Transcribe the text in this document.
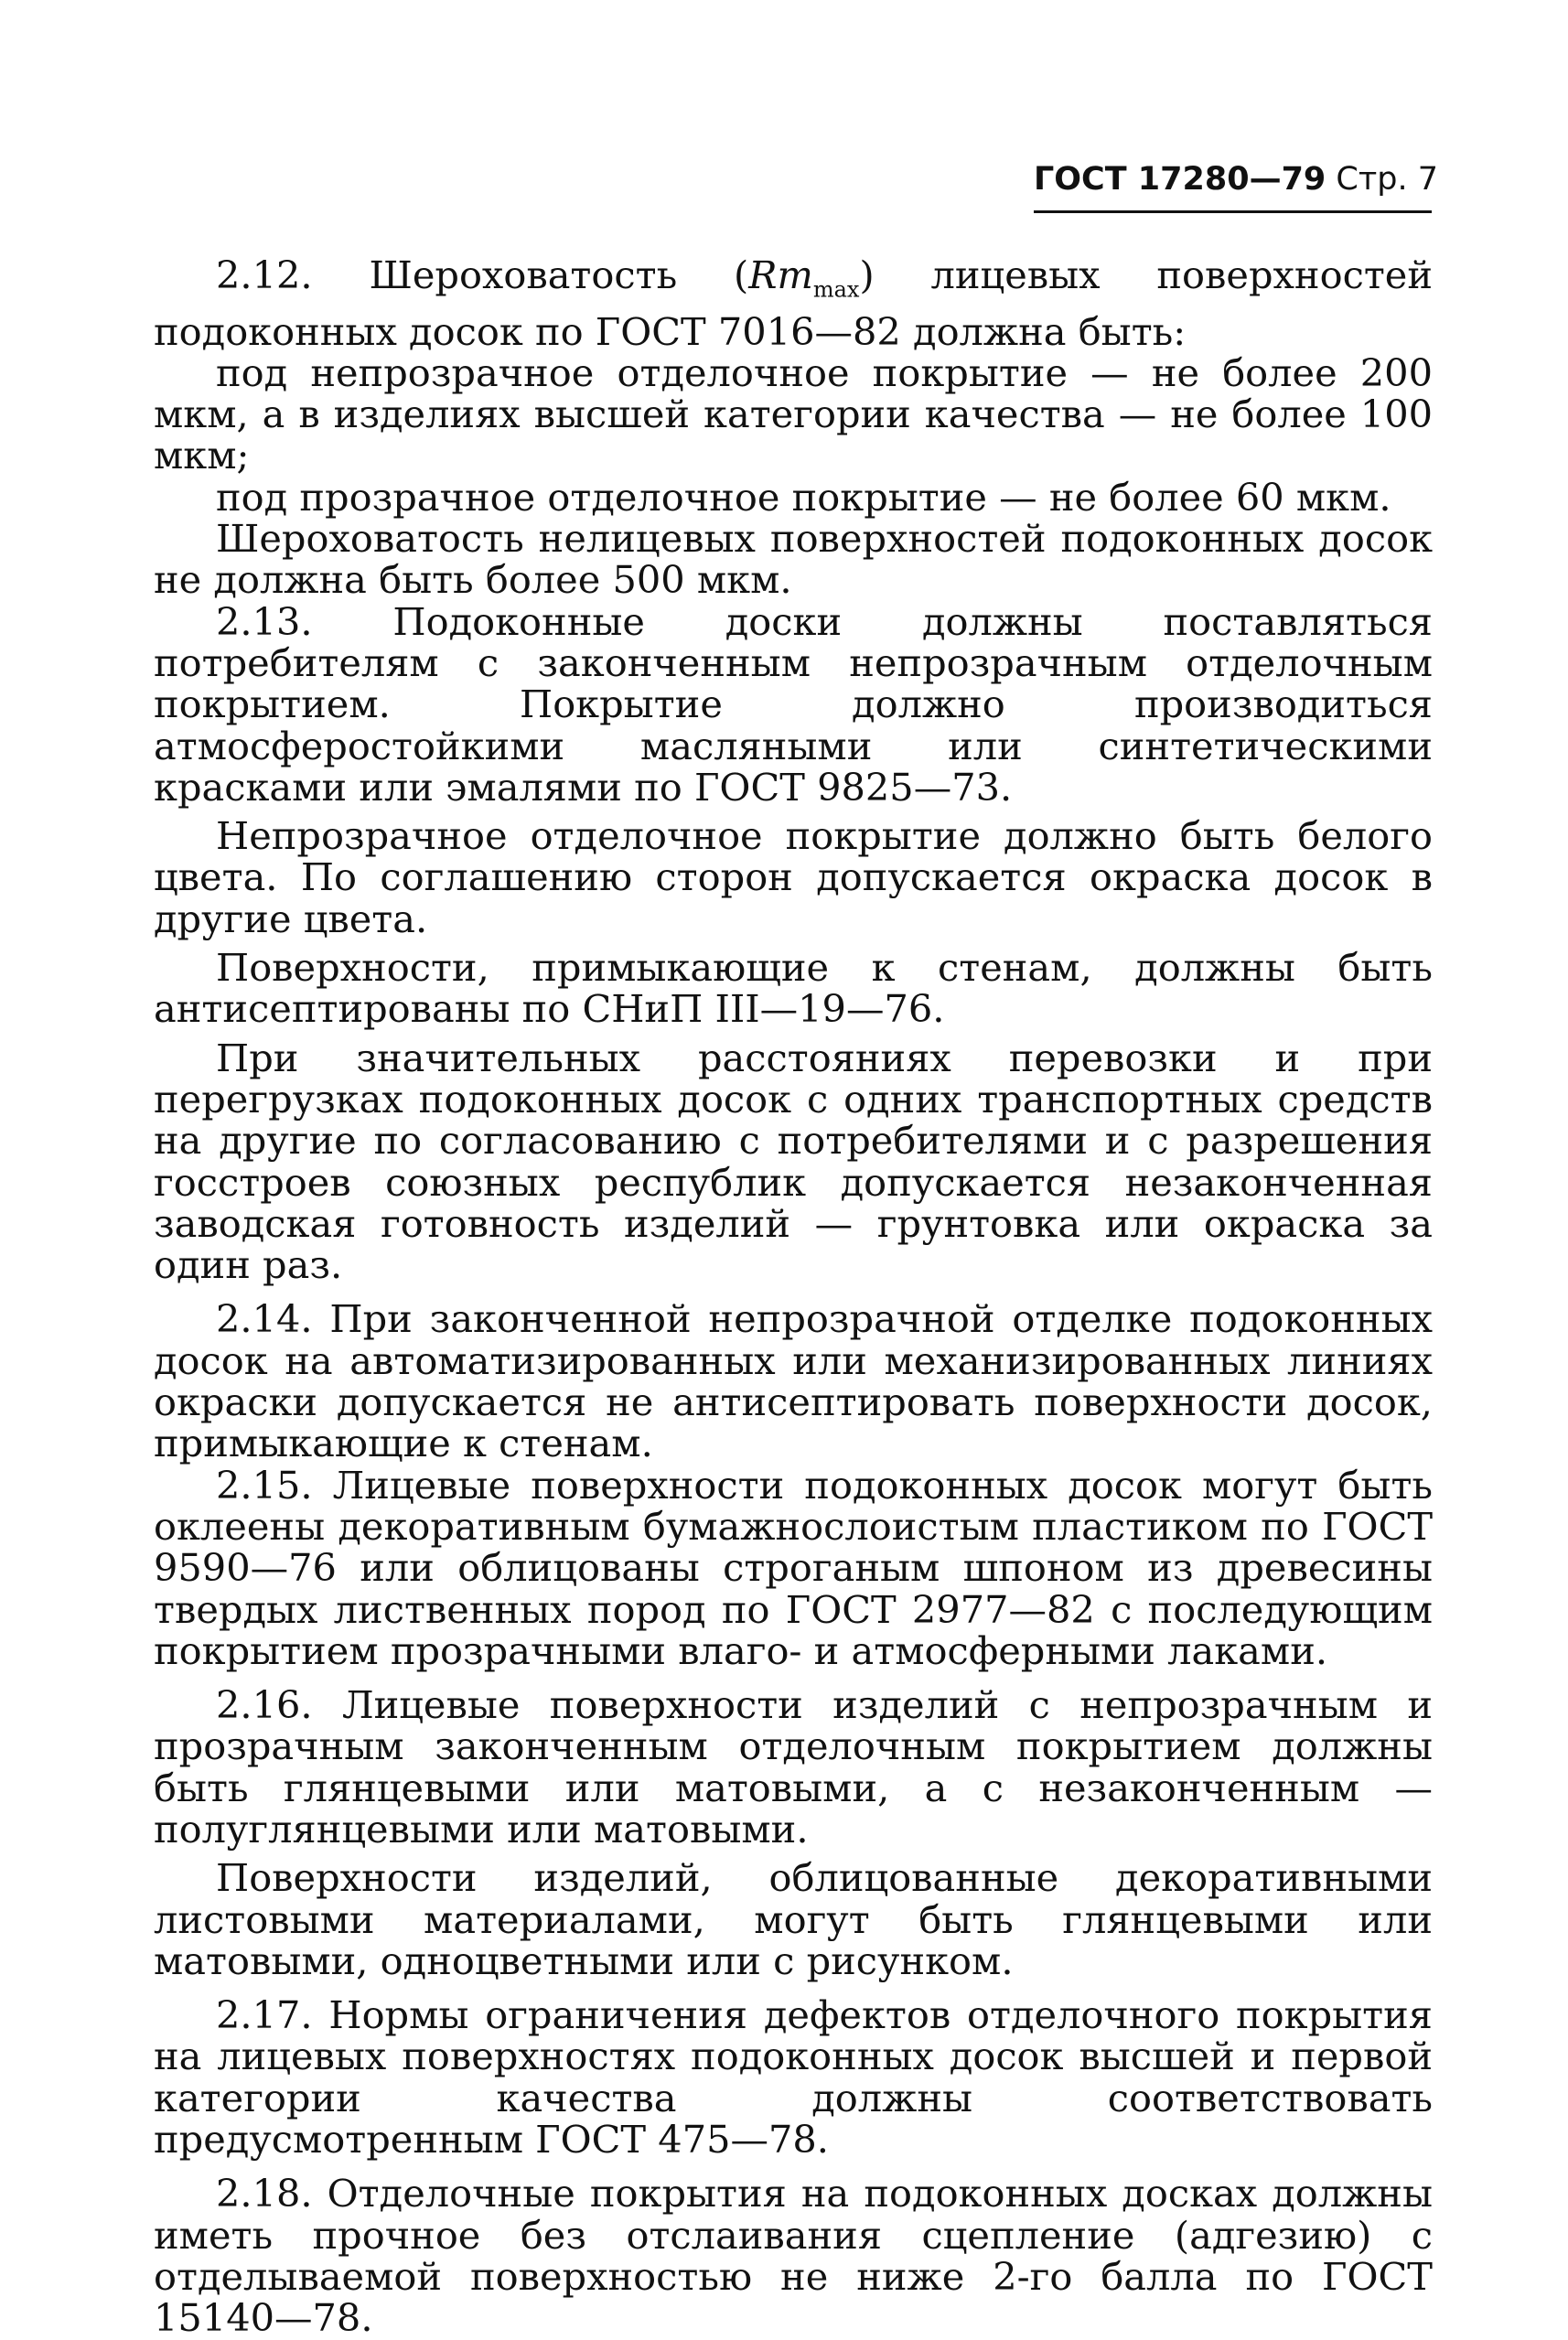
ГОСТ 17280—79 Стр. 7

2.12. Шероховатость $(Rm_{max})$ лицевых поверхностей подоконных досок по ГОСТ 7016—82 должна быть:

под непрозрачное отделочное покрытие — не более 200 мкм, а в изделиях высшей категории качества — не более 100 мкм;

под прозрачное отделочное покрытие — не более 60 мкм.

Шероховатость нелицевых поверхностей подоконных досок не должна быть более 500 мкм.

2.13. Подоконные доски должны поставляться потребителям с законченным непрозрачным отделочным покрытием. Покрытие должно производиться атмосферостойкими масляными или синтетическими красками или эмалями по ГОСТ 9825—73.

Непрозрачное отделочное покрытие должно быть белого цвета. По соглашению сторон допускается окраска досок в другие цвета.

Поверхности, примыкающие к стенам, должны быть антисептированы по СНиП III—19—76.

При значительных расстояниях перевозки и при перегрузках подоконных досок с одних транспортных средств на другие по согласованию с потребителями и с разрешения госстроев союзных республик допускается незаконченная заводская готовность изделий — грунтовка или окраска за один раз.

2.14. При законченной непрозрачной отделке подоконных досок на автоматизированных или механизированных линиях окраски допускается не антисептировать поверхности досок, примыкающие к стенам.

2.15. Лицевые поверхности подоконных досок могут быть оклеены декоративным бумажнослоистым пластиком по ГОСТ 9590—76 или облицованы строганым шпоном из древесины твердых лиственных пород по ГОСТ 2977—82 с последующим покрытием прозрачными влаго- и атмосферными лаками.

2.16. Лицевые поверхности изделий с непрозрачным и прозрачным законченным отделочным покрытием должны быть глянцевыми или матовыми, а с незаконченным — полуглянцевыми или матовыми.

Поверхности изделий, облицованные декоративными листовыми материалами, могут быть глянцевыми или матовыми, одноцветными или с рисунком.

2.17. Нормы ограничения дефектов отделочного покрытия на лицевых поверхностях подоконных досок высшей и первой категории качества должны соответствовать предусмотренным ГОСТ 475—78.

2.18. Отделочные покрытия на подоконных досках должны иметь прочное без отслаивания сцепление (адгезию) с отделываемой поверхностью не ниже 2-го балла по ГОСТ 15140—78.
